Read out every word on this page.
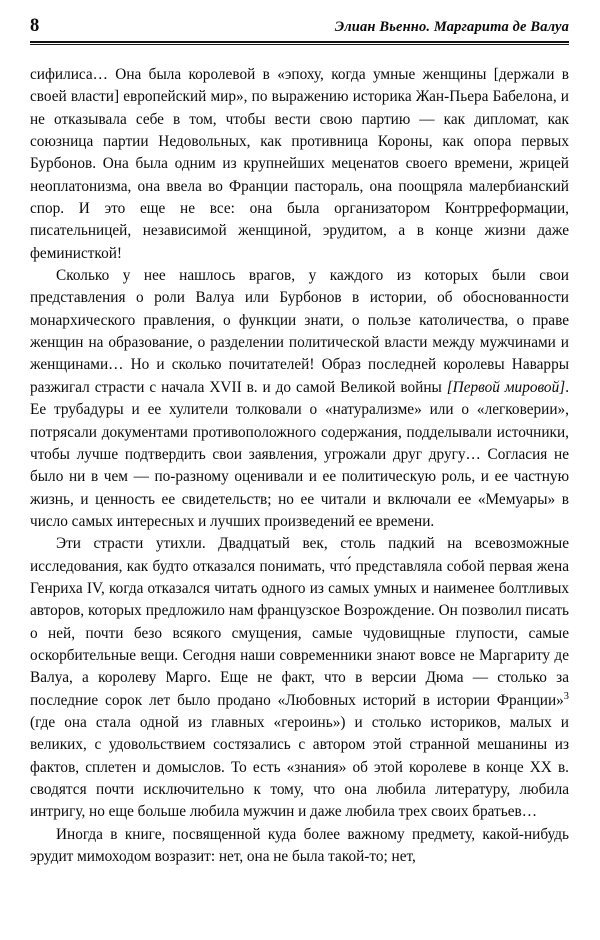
8	Элиан Вьенно. Маргарита де Валуа

сифилиса… Она была королевой в «эпоху, когда умные женщины [держали в своей власти] европейский мир», по выражению историка Жан-Пьера Бабелона, и не отказывала себе в том, чтобы вести свою партию — как дипломат, как союзница партии Недовольных, как противница Короны, как опора первых Бурбонов. Она была одним из крупнейших меценатов своего времени, жрицей неоплатонизма, она ввела во Франции пастораль, она поощряла малербианский спор. И это еще не все: она была организатором Контрреформации, писательницей, независимой женщиной, эрудитом, а в конце жизни даже феминисткой!

Сколько у нее нашлось врагов, у каждого из которых были свои представления о роли Валуа или Бурбонов в истории, об обоснованности монархического правления, о функции знати, о пользе католичества, о праве женщин на образование, о разделении политической власти между мужчинами и женщинами… Но и сколько почитателей! Образ последней королевы Наварры разжигал страсти с начала XVII в. и до самой Великой войны [Первой мировой]. Ее трубадуры и ее хулители толковали о «натурализме» или о «легковерии», потрясали документами противоположного содержания, подделывали источники, чтобы лучше подтвердить свои заявления, угрожали друг другу… Согласия не было ни в чем — по-разному оценивали и ее политическую роль, и ее частную жизнь, и ценность ее свидетельств; но ее читали и включали ее «Мемуары» в число самых интересных и лучших произведений ее времени.

Эти страсти утихли. Двадцатый век, столь падкий на всевозможные исследования, как будто отказался понимать, что́ представляла собой первая жена Генриха IV, когда отказался читать одного из самых умных и наименее болтливых авторов, которых предложило нам французское Возрождение. Он позволил писать о ней, почти безо всякого смущения, самые чудовищные глупости, самые оскорбительные вещи. Сегодня наши современники знают вовсе не Маргариту де Валуа, а королеву Марго. Еще не факт, что в версии Дюма — столько за последние сорок лет было продано «Любовных историй в истории Франции»$^3$ (где она стала одной из главных «героинь») и столько историков, малых и великих, с удовольствием состязались с автором этой странной мешанины из фактов, сплетен и домыслов. То есть «знания» об этой королеве в конце XX в. сводятся почти исключительно к тому, что она любила литературу, любила интригу, но еще больше любила мужчин и даже любила трех своих братьев…

Иногда в книге, посвященной куда более важному предмету, какой-нибудь эрудит мимоходом возразит: нет, она не была такой-то; нет,
